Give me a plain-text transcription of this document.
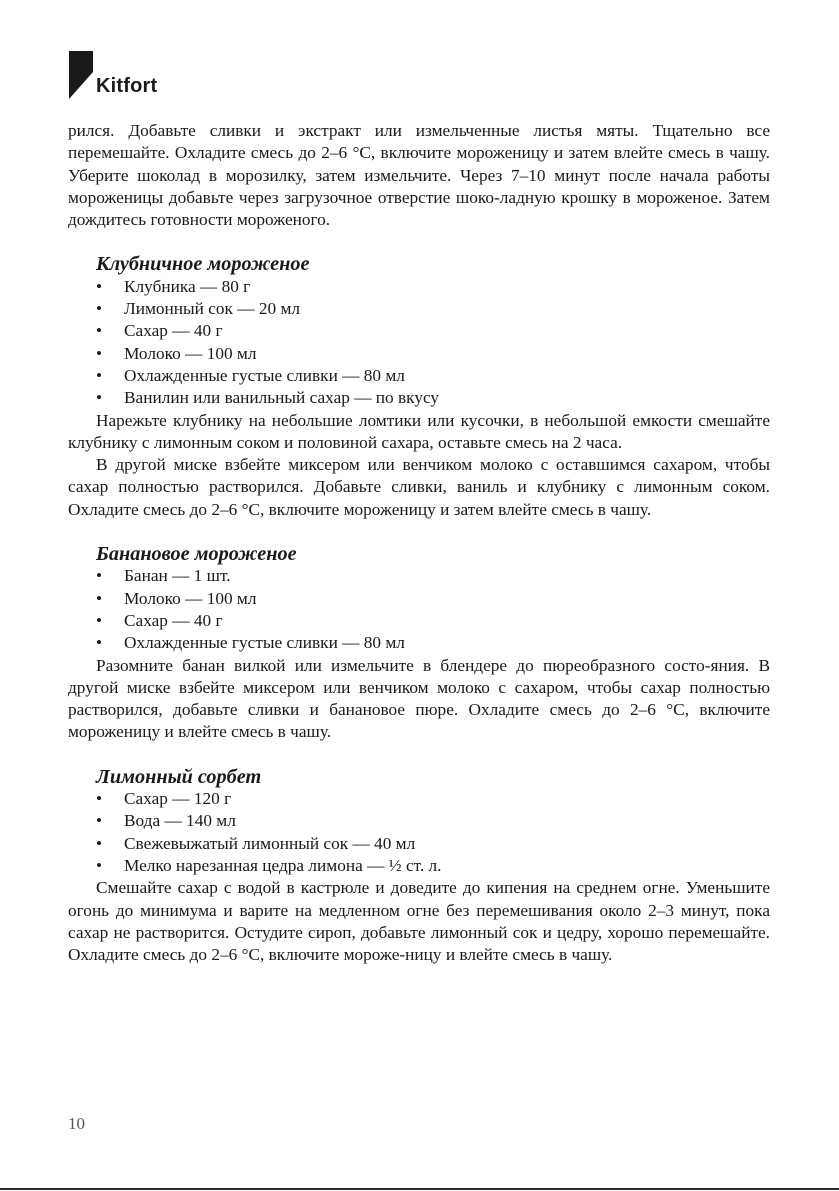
Kitfort

рился. Добавьте сливки и экстракт или измельченные листья мяты. Тщательно все перемешайте. Охладите смесь до 2–6 °C, включите мороженицу и затем влейте смесь в чашу. Уберите шоколад в морозилку, затем измельчите. Через 7–10 минут после начала работы мороженицы добавьте через загрузочное отверстие шоко-ладную крошку в мороженое. Затем дождитесь готовности мороженого.

Клубничное мороженое
• Клубника — 80 г
• Лимонный сок — 20 мл
• Сахар — 40 г
• Молоко — 100 мл
• Охлажденные густые сливки — 80 мл
• Ванилин или ванильный сахар — по вкусу

Нарежьте клубнику на небольшие ломтики или кусочки, в небольшой емкости смешайте клубнику с лимонным соком и половиной сахара, оставьте смесь на 2 часа.

В другой миске взбейте миксером или венчиком молоко с оставшимся сахаром, чтобы сахар полностью растворился. Добавьте сливки, ваниль и клубнику с лимонным соком. Охладите смесь до 2–6 °C, включите мороженицу и затем влейте смесь в чашу.

Банановое мороженое
• Банан — 1 шт.
• Молоко — 100 мл
• Сахар — 40 г
• Охлажденные густые сливки — 80 мл

Разомните банан вилкой или измельчите в блендере до пюреобразного состо-яния. В другой миске взбейте миксером или венчиком молоко с сахаром, чтобы сахар полностью растворился, добавьте сливки и банановое пюре. Охладите смесь до 2–6 °C, включите мороженицу и влейте смесь в чашу.

Лимонный сорбет
• Сахар — 120 г
• Вода — 140 мл
• Свежевыжатый лимонный сок — 40 мл
• Мелко нарезанная цедра лимона — ½ ст. л.

Смешайте сахар с водой в кастрюле и доведите до кипения на среднем огне. Уменьшите огонь до минимума и варите на медленном огне без перемешивания около 2–3 минут, пока сахар не растворится. Остудите сироп, добавьте лимонный сок и цедру, хорошо перемешайте. Охладите смесь до 2–6 °C, включите мороже-ницу и влейте смесь в чашу.

10
